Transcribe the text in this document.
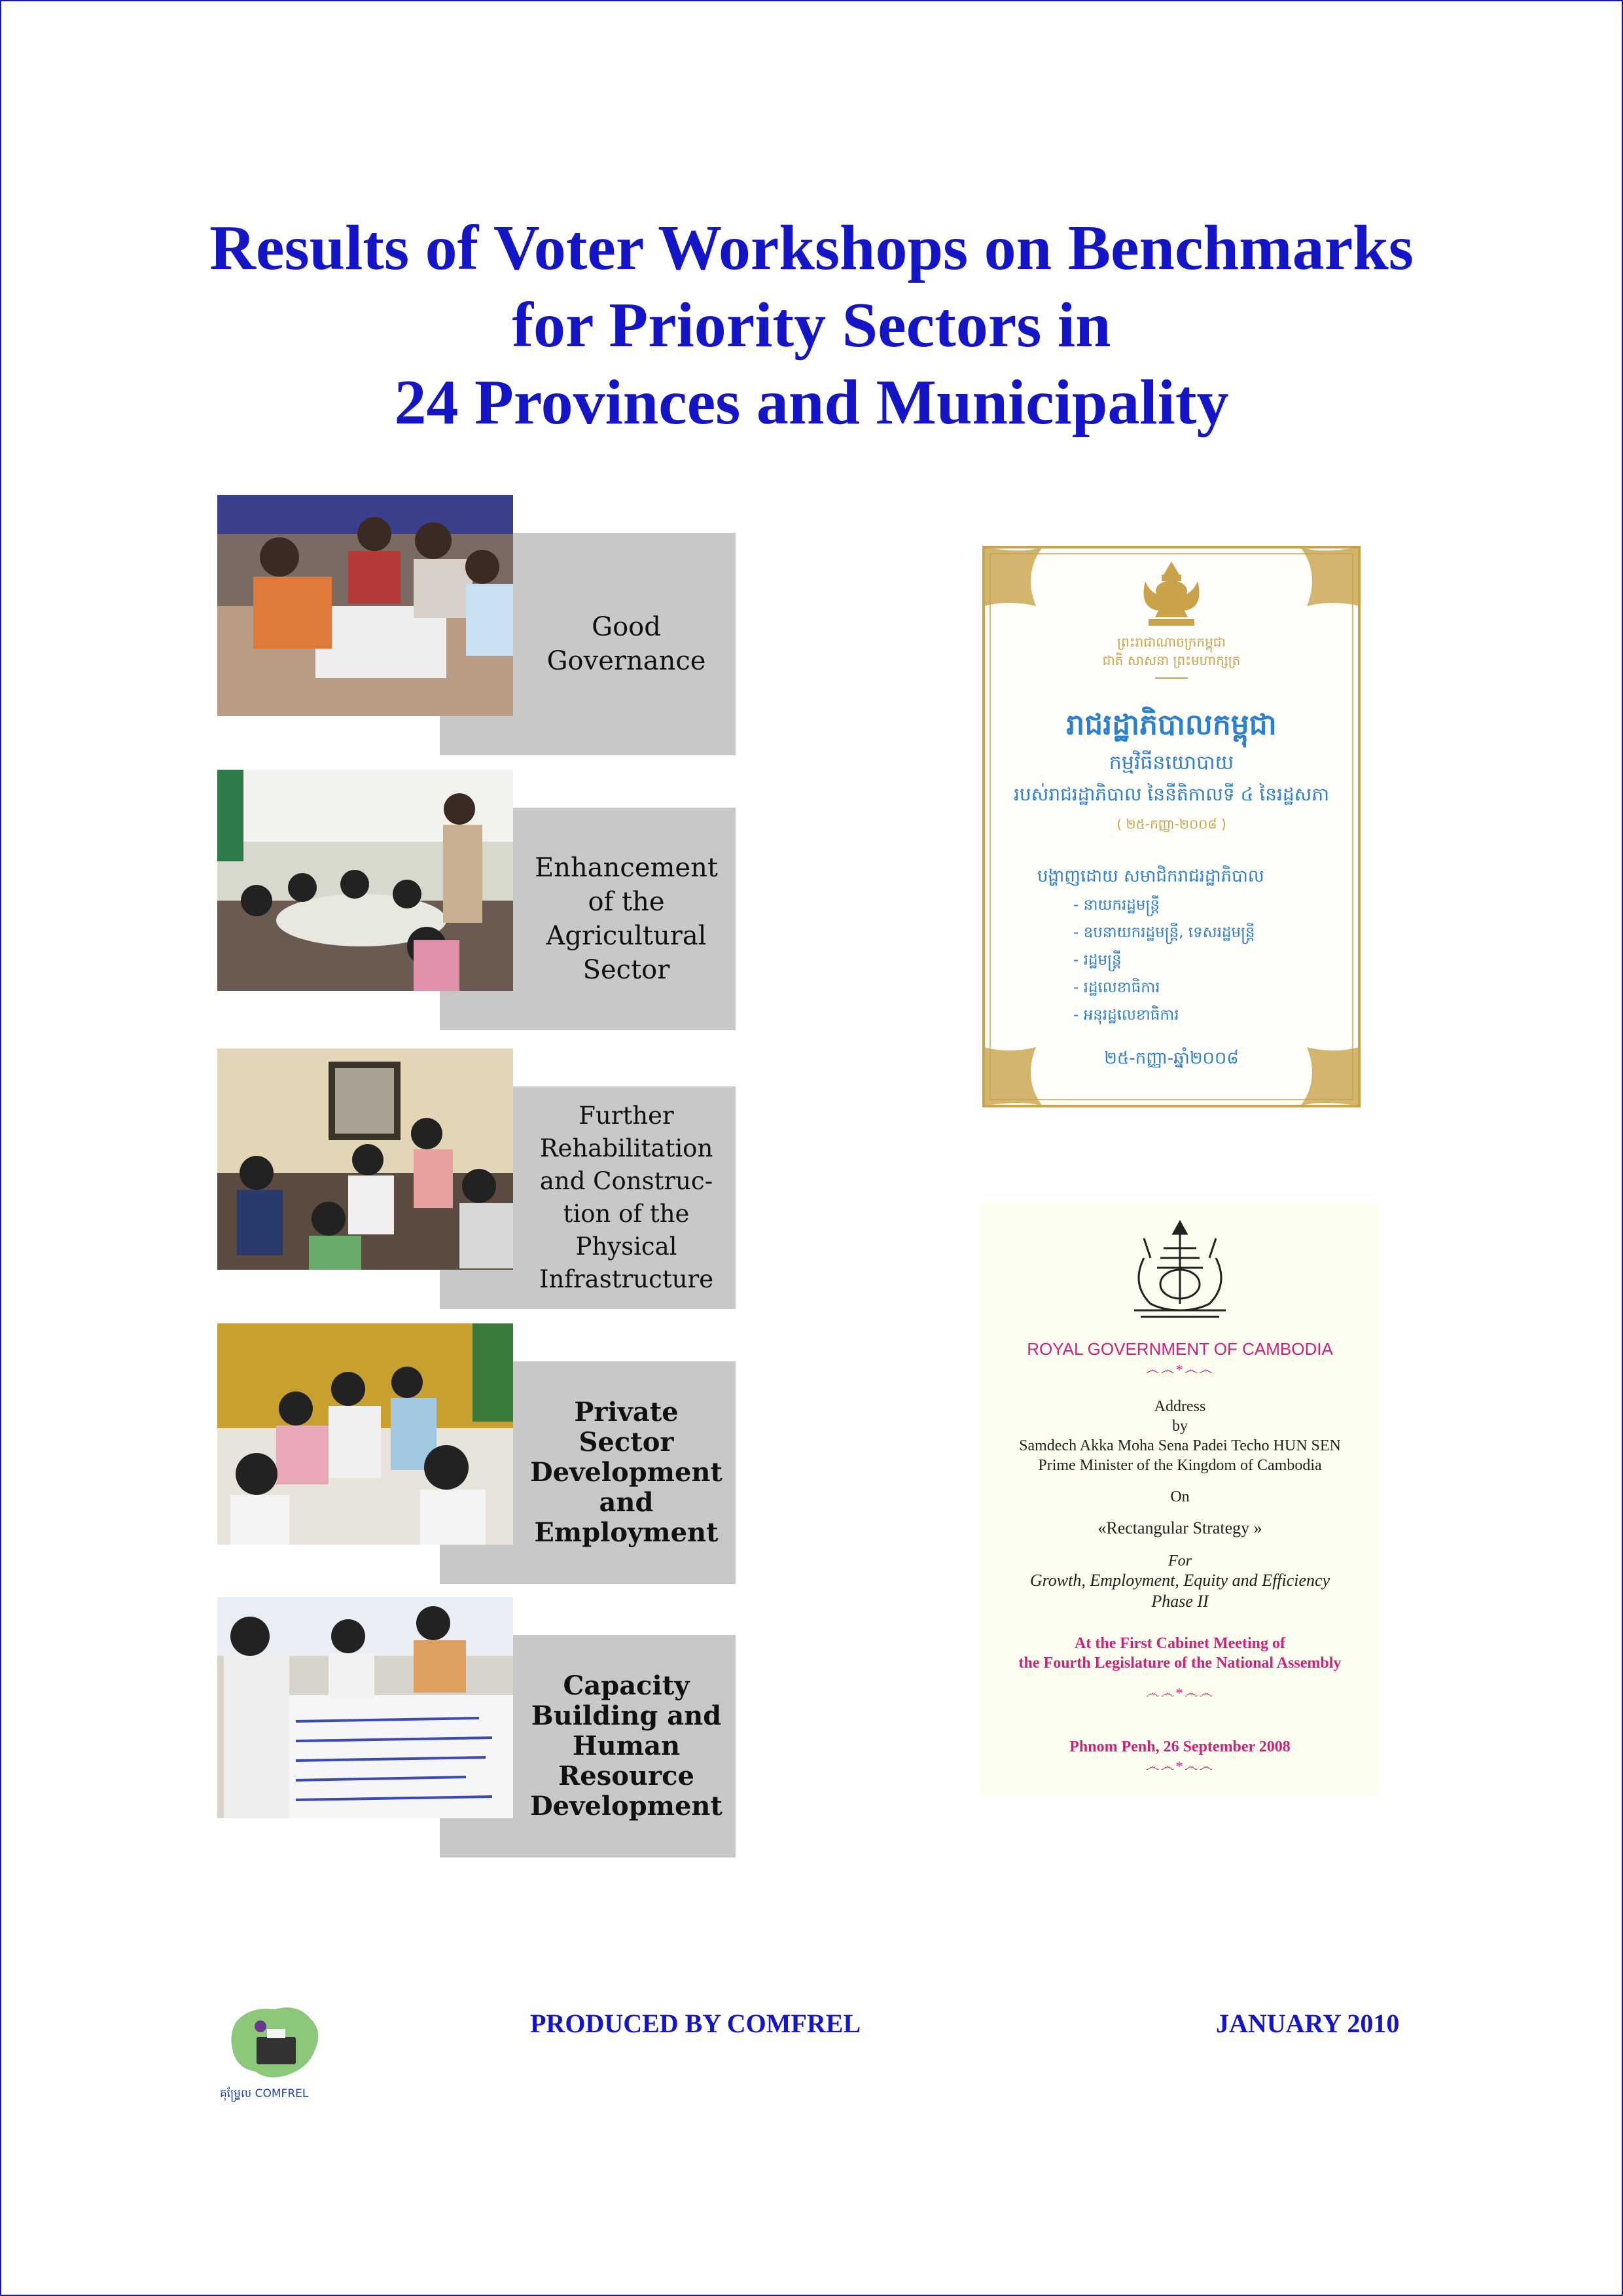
Results of Voter Workshops on Benchmarks
for Priority Sectors in
24 Provinces and Municipality
Good Governance
Enhancement of the Agricultural Sector
Further Rehabilitation and Construc-tion of the Physical Infrastructure
Private Sector Development and Employment
Capacity Building and Human Resource Development
ព្រះរាជាណាចក្រកម្ពុជា
ជាតិ សាសនា ព្រះមហាក្សត្រ
រាជរដ្ឋាភិបាលកម្ពុជា
កម្មវិធីនយោបាយ
របស់រាជរដ្ឋាភិបាល នៃនីតិកាលទី ៤ នៃរដ្ឋសភា
( ២៥-កញ្ញា-២០០៨ )
បង្ហាញដោយ សមាជិករាជរដ្ឋាភិបាល
- នាយករដ្ឋមន្ត្រី
- ឧបនាយករដ្ឋមន្ត្រី, ទេសរដ្ឋមន្ត្រី
- រដ្ឋមន្ត្រី
- រដ្ឋលេខាធិការ
- អនុរដ្ឋលេខាធិការ
២៥-កញ្ញា-ឆ្នាំ២០០៨
ROYAL GOVERNMENT OF CAMBODIA
෴෴*෴෴
Address
by
Samdech Akka Moha Sena Padei Techo HUN SEN
Prime Minister of the Kingdom of Cambodia
On
«Rectangular Strategy »
For
Growth, Employment, Equity and Efficiency
Phase II
At the First Cabinet Meeting of
the Fourth Legislature of the National Assembly
෴෴*෴෴
Phnom Penh, 26 September 2008
෴෴*෴෴
គុម្ហ្វ្រែល COMFREL
PRODUCED BY COMFREL	JANUARY 2010
